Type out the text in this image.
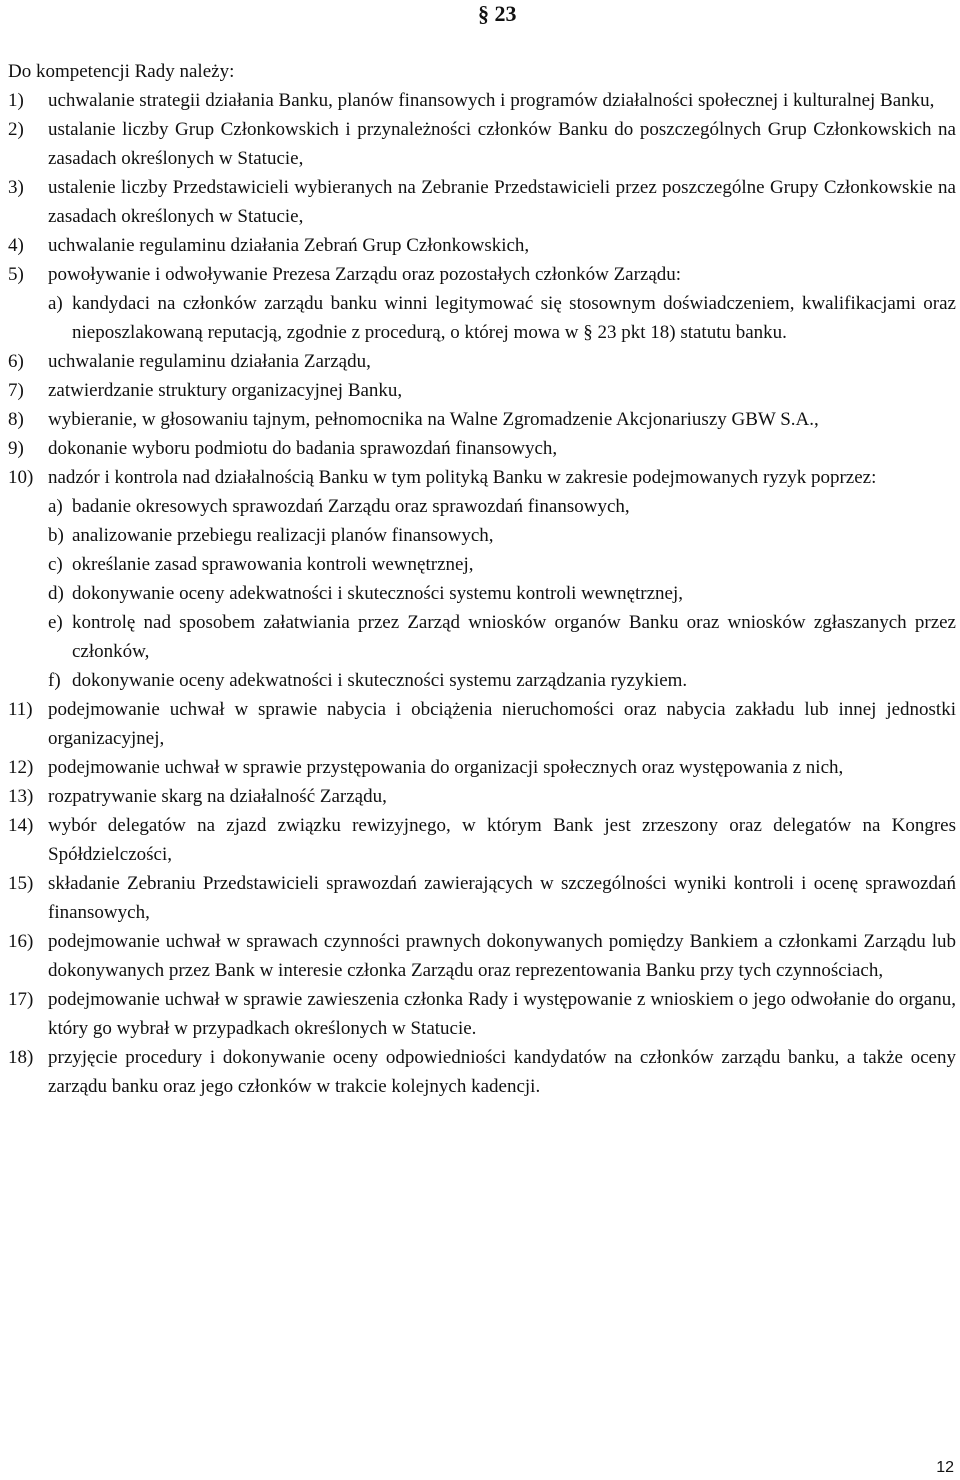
§ 23
Do kompetencji Rady należy:
1)	uchwalanie strategii działania Banku, planów finansowych i programów działalności społecznej i kulturalnej Banku,
2)	ustalanie liczby Grup Członkowskich i przynależności członków Banku do poszczególnych Grup Członkowskich na zasadach określonych w Statucie,
3)	ustalenie liczby Przedstawicieli wybieranych na Zebranie Przedstawicieli przez poszczególne Grupy Członkowskie na zasadach określonych w Statucie,
4)	uchwalanie regulaminu działania Zebrań Grup Członkowskich,
5)	powoływanie i odwoływanie Prezesa Zarządu oraz pozostałych członków Zarządu:
a) kandydaci na członków zarządu banku winni legitymować się stosownym doświadczeniem, kwalifikacjami oraz nieposzlakowaną reputacją, zgodnie z procedurą, o której mowa w § 23 pkt 18) statutu banku.
6)	uchwalanie regulaminu działania Zarządu,
7)	zatwierdzanie struktury organizacyjnej Banku,
8)	wybieranie, w głosowaniu tajnym, pełnomocnika na Walne Zgromadzenie Akcjonariuszy GBW S.A.,
9)	dokonanie wyboru podmiotu do badania sprawozdań finansowych,
10) nadzór i kontrola nad działalnością Banku w tym polityką Banku w zakresie podejmowanych ryzyk poprzez:
a) badanie okresowych sprawozdań Zarządu oraz sprawozdań finansowych,
b) analizowanie przebiegu realizacji planów finansowych,
c) określanie zasad sprawowania kontroli wewnętrznej,
d) dokonywanie oceny adekwatności i skuteczności systemu kontroli wewnętrznej,
e) kontrolę nad sposobem załatwiania przez Zarząd wniosków organów Banku oraz wniosków zgłaszanych przez członków,
f) dokonywanie oceny adekwatności i skuteczności systemu zarządzania ryzykiem.
11) podejmowanie uchwał w sprawie nabycia i obciążenia nieruchomości oraz nabycia zakładu lub innej jednostki organizacyjnej,
12) podejmowanie uchwał w sprawie przystępowania do organizacji społecznych oraz występowania z nich,
13) rozpatrywanie skarg na działalność Zarządu,
14) wybór delegatów na zjazd związku rewizyjnego, w którym Bank jest zrzeszony oraz delegatów na Kongres Spółdzielczości,
15) składanie Zebraniu Przedstawicieli sprawozdań zawierających w szczególności wyniki kontroli i ocenę sprawozdań finansowych,
16) podejmowanie uchwał w sprawach czynności prawnych dokonywanych pomiędzy Bankiem a członkami Zarządu lub dokonywanych przez Bank w interesie członka Zarządu oraz reprezentowania Banku przy tych czynnościach,
17) podejmowanie uchwał w sprawie zawieszenia członka Rady i występowanie z wnioskiem o jego odwołanie do organu, który go wybrał w przypadkach określonych w Statucie.
18) przyjęcie procedury i dokonywanie oceny odpowiedniości kandydatów na członków zarządu banku, a także oceny zarządu banku oraz jego członków w trakcie kolejnych kadencji.
12
